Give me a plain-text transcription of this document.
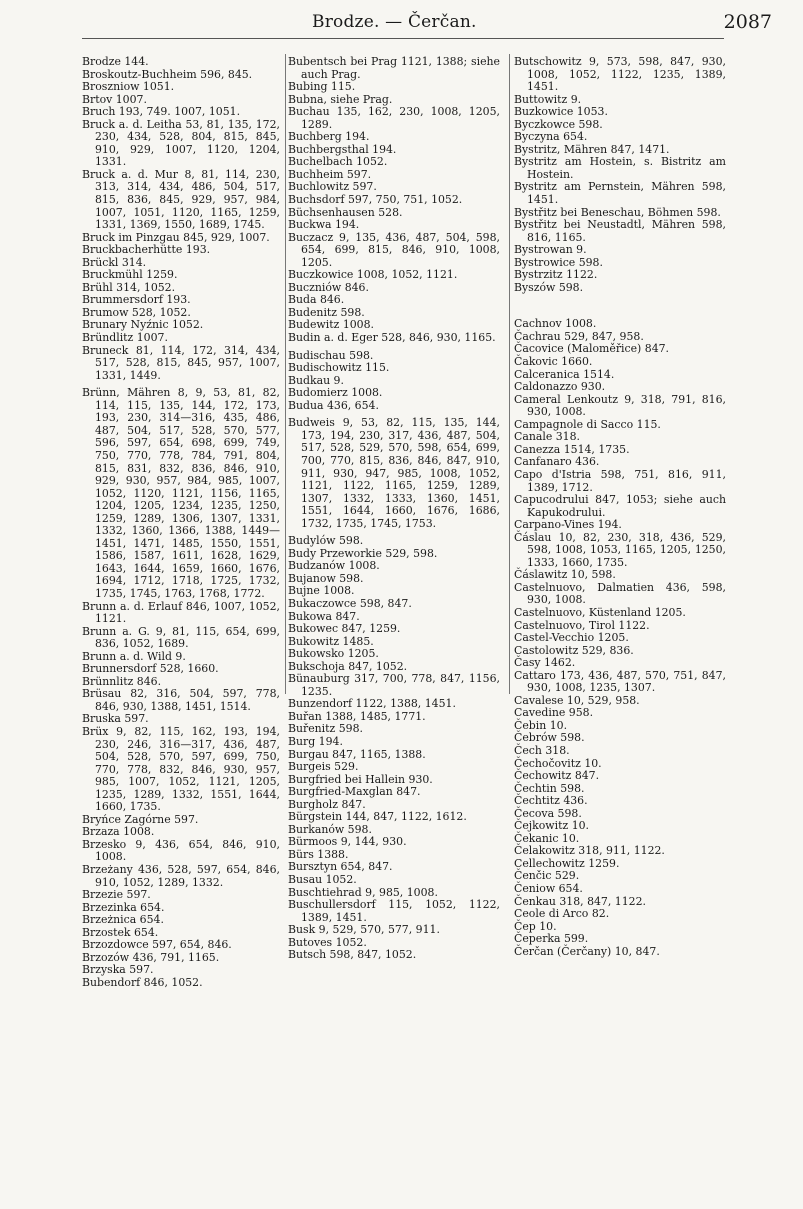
Brodze. — Čerčan.	2087
Brodze 144.
Broskoutz-Buchheim 596, 845.
Broszniow 1051.
Brtov 1007.
Bruch 193, 749. 1007, 1051.
Bruck a. d. Leitha 53, 81, 135, 172, 230, 434, 528, 804, 815, 845, 910, 929, 1007, 1120, 1204, 1331.
Bruck a. d. Mur 8, 81, 114, 230, 313, 314, 434, 486, 504, 517, 815, 836, 845, 929, 957, 984, 1007, 1051, 1120, 1165, 1259, 1331, 1369, 1550, 1689, 1745.
Bruck im Pinzgau 845, 929, 1007.
Bruckbacherhütte 193.
Brückl 314.
Bruckmühl 1259.
Brühl 314, 1052.
Brummersdorf 193.
Brumow 528, 1052.
Brunary Nyźnic 1052.
Bründlitz 1007.
Bruneck 81, 114, 172, 314, 434, 517, 528, 815, 845, 957, 1007, 1331, 1449.
Brünn, Mähren 8, 9, 53, 81, 82, 114, 115, 135, 144, 172, 173, 193, 230, 314—316, 435, 486, 487, 504, 517, 528, 570, 577, 596, 597, 654, 698, 699, 749, 750, 770, 778, 784, 791, 804, 815, 831, 832, 836, 846, 910, 929, 930, 957, 984, 985, 1007, 1052, 1120, 1121, 1156, 1165, 1204, 1205, 1234, 1235, 1250, 1259, 1289, 1306, 1307, 1331, 1332, 1360, 1366, 1388, 1449—1451, 1471, 1485, 1550, 1551, 1586, 1587, 1611, 1628, 1629, 1643, 1644, 1659, 1660, 1676, 1694, 1712, 1718, 1725, 1732, 1735, 1745, 1763, 1768, 1772.
Brunn a. d. Erlauf 846, 1007, 1052, 1121.
Brunn a. G. 9, 81, 115, 654, 699, 836, 1052, 1689.
Brunn a. d. Wild 9.
Brunnersdorf 528, 1660.
Brünnlitz 846.
Brüsau 82, 316, 504, 597, 778, 846, 930, 1388, 1451, 1514.
Bruska 597.
Brüx 9, 82, 115, 162, 193, 194, 230, 246, 316—317, 436, 487, 504, 528, 570, 597, 699, 750, 770, 778, 832, 846, 930, 957, 985, 1007, 1052, 1121, 1205, 1235, 1289, 1332, 1551, 1644, 1660, 1735.
Bryńce Zagórne 597.
Brzaza 1008.
Brzesko 9, 436, 654, 846, 910, 1008.
Brzeżany 436, 528, 597, 654, 846, 910, 1052, 1289, 1332.
Brzezie 597.
Brzezinka 654.
Brzeżnica 654.
Brzostek 654.
Brzozdowce 597, 654, 846.
Brzozów 436, 791, 1165.
Brzyska 597.
Bubendorf 846, 1052.
Bubentsch bei Prag 1121, 1388; siehe auch Prag.
Bubing 115.
Bubna, siehe Prag.
Buchau 135, 162, 230, 1008, 1205, 1289.
Buchberg 194.
Buchbergsthal 194.
Buchelbach 1052.
Buchheim 597.
Buchlowitz 597.
Buchsdorf 597, 750, 751, 1052.
Büchsenhausen 528.
Buckwa 194.
Buczacz 9, 135, 436, 487, 504, 598, 654, 699, 815, 846, 910, 1008, 1205.
Buczkowice 1008, 1052, 1121.
Buczniów 846.
Buda 846.
Budenitz 598.
Budewitz 1008.
Budin a. d. Eger 528, 846, 930, 1165.
Budischau 598.
Budischowitz 115.
Budkau 9.
Budomierz 1008.
Budua 436, 654.
Budweis 9, 53, 82, 115, 135, 144, 173, 194, 230, 317, 436, 487, 504, 517, 528, 529, 570, 598, 654, 699, 700, 770, 815, 836, 846, 847, 910, 911, 930, 947, 985, 1008, 1052, 1121, 1122, 1165, 1259, 1289, 1307, 1332, 1333, 1360, 1451, 1551, 1644, 1660, 1676, 1686, 1732, 1735, 1745, 1753.
Budylów 598.
Budy Przeworkie 529, 598.
Budzanów 1008.
Bujanow 598.
Bujne 1008.
Bukaczowce 598, 847.
Bukowa 847.
Bukowec 847, 1259.
Bukowitz 1485.
Bukowsko 1205.
Bukschoja 847, 1052.
Bünauburg 317, 700, 778, 847, 1156, 1235.
Bunzendorf 1122, 1388, 1451.
Buřan 1388, 1485, 1771.
Buřenitz 598.
Burg 194.
Burgau 847, 1165, 1388.
Burgeis 529.
Burgfried bei Hallein 930.
Burgfried-Maxglan 847.
Burgholz 847.
Bürgstein 144, 847, 1122, 1612.
Burkanów 598.
Bürmoos 9, 144, 930.
Bürs 1388.
Bursztyn 654, 847.
Busau 1052.
Buschtiehrad 9, 985, 1008.
Buschullersdorf 115, 1052, 1122, 1389, 1451.
Busk 9, 529, 570, 577, 911.
Butoves 1052.
Butsch 598, 847, 1052.
Butschowitz 9, 573, 598, 847, 930, 1008, 1052, 1122, 1235, 1389, 1451.
Buttowitz 9.
Buzkowice 1053.
Byczkowce 598.
Byczyna 654.
Bystritz, Mähren 847, 1471.
Bystritz am Hostein, s. Bistritz am Hostein.
Bystritz am Pernstein, Mähren 598, 1451.
Bystřitz bei Beneschau, Böhmen 598.
Bystřitz bei Neustadtl, Mähren 598, 816, 1165.
Bystrowan 9.
Bystrowice 598.
Bystrzitz 1122.
Byszów 598.
Cachnov 1008.
Čachrau 529, 847, 958.
Čacovice (Maloměřice) 847.
Čakovic 1660.
Calceranica 1514.
Caldonazzo 930.
Cameral Lenkoutz 9, 318, 791, 816, 930, 1008.
Campagnole di Sacco 115.
Canale 318.
Canezza 1514, 1735.
Canfanaro 436.
Capo d'Istria 598, 751, 816, 911, 1389, 1712.
Capucodrului 847, 1053; siehe auch Kapukodrului.
Carpano-Vines 194.
Čáslau 10, 82, 230, 318, 436, 529, 598, 1008, 1053, 1165, 1205, 1250, 1333, 1660, 1735.
Čáslawitz 10, 598.
Castelnuovo, Dalmatien 436, 598, 930, 1008.
Castelnuovo, Küstenland 1205.
Castelnuovo, Tirol 1122.
Castel-Vecchio 1205.
Castolowitz 529, 836.
Časy 1462.
Cattaro 173, 436, 487, 570, 751, 847, 930, 1008, 1235, 1307.
Cavalese 10, 529, 958.
Cavedine 958.
Čebin 10.
Čebrów 598.
Čech 318.
Čechočovitz 10.
Čechowitz 847.
Čechtin 598.
Čechtitz 436.
Čecova 598.
Čejkowitz 10.
Čekanic 10.
Čelakowitz 318, 911, 1122.
Cellechowitz 1259.
Čenčic 529.
Čeniow 654.
Čenkau 318, 847, 1122.
Ceole di Arco 82.
Čep 10.
Čeperka 599.
Čerčan (Čerčany) 10, 847.
